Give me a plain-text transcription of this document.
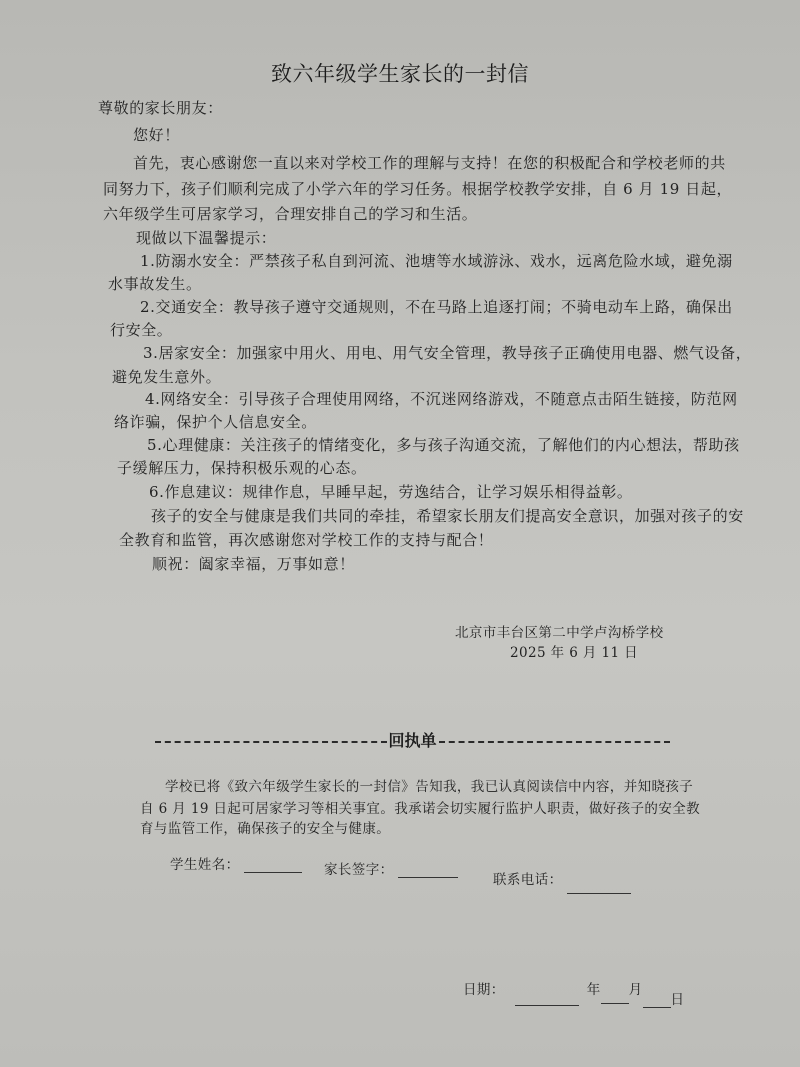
致六年级学生家长的一封信
尊敬的家长朋友：
您好！
首先，衷心感谢您一直以来对学校工作的理解与支持！在您的积极配合和学校老师的共
同努力下，孩子们顺利完成了小学六年的学习任务。根据学校教学安排，自 6 月 19 日起，
六年级学生可居家学习，合理安排自己的学习和生活。
现做以下温馨提示：
1.防溺水安全：严禁孩子私自到河流、池塘等水域游泳、戏水，远离危险水域，避免溺
水事故发生。
2.交通安全：教导孩子遵守交通规则，不在马路上追逐打闹；不骑电动车上路，确保出
行安全。
3.居家安全：加强家中用火、用电、用气安全管理，教导孩子正确使用电器、燃气设备，
避免发生意外。
4.网络安全：引导孩子合理使用网络，不沉迷网络游戏，不随意点击陌生链接，防范网
络诈骗，保护个人信息安全。
5.心理健康：关注孩子的情绪变化，多与孩子沟通交流，了解他们的内心想法，帮助孩
子缓解压力，保持积极乐观的心态。
6.作息建议：规律作息，早睡早起，劳逸结合，让学习娱乐相得益彰。
孩子的安全与健康是我们共同的牵挂，希望家长朋友们提高安全意识，加强对孩子的安
全教育和监管，再次感谢您对学校工作的支持与配合！
顺祝：阖家幸福，万事如意！
北京市丰台区第二中学卢沟桥学校
2025 年 6 月 11 日
回执单
学校已将《致六年级学生家长的一封信》告知我，我已认真阅读信中内容，并知晓孩子
自 6 月 19 日起可居家学习等相关事宜。我承诺会切实履行监护人职责，做好孩子的安全教
育与监管工作，确保孩子的安全与健康。
学生姓名：	家长签字：
联系电话：
日期：	年 月
日
